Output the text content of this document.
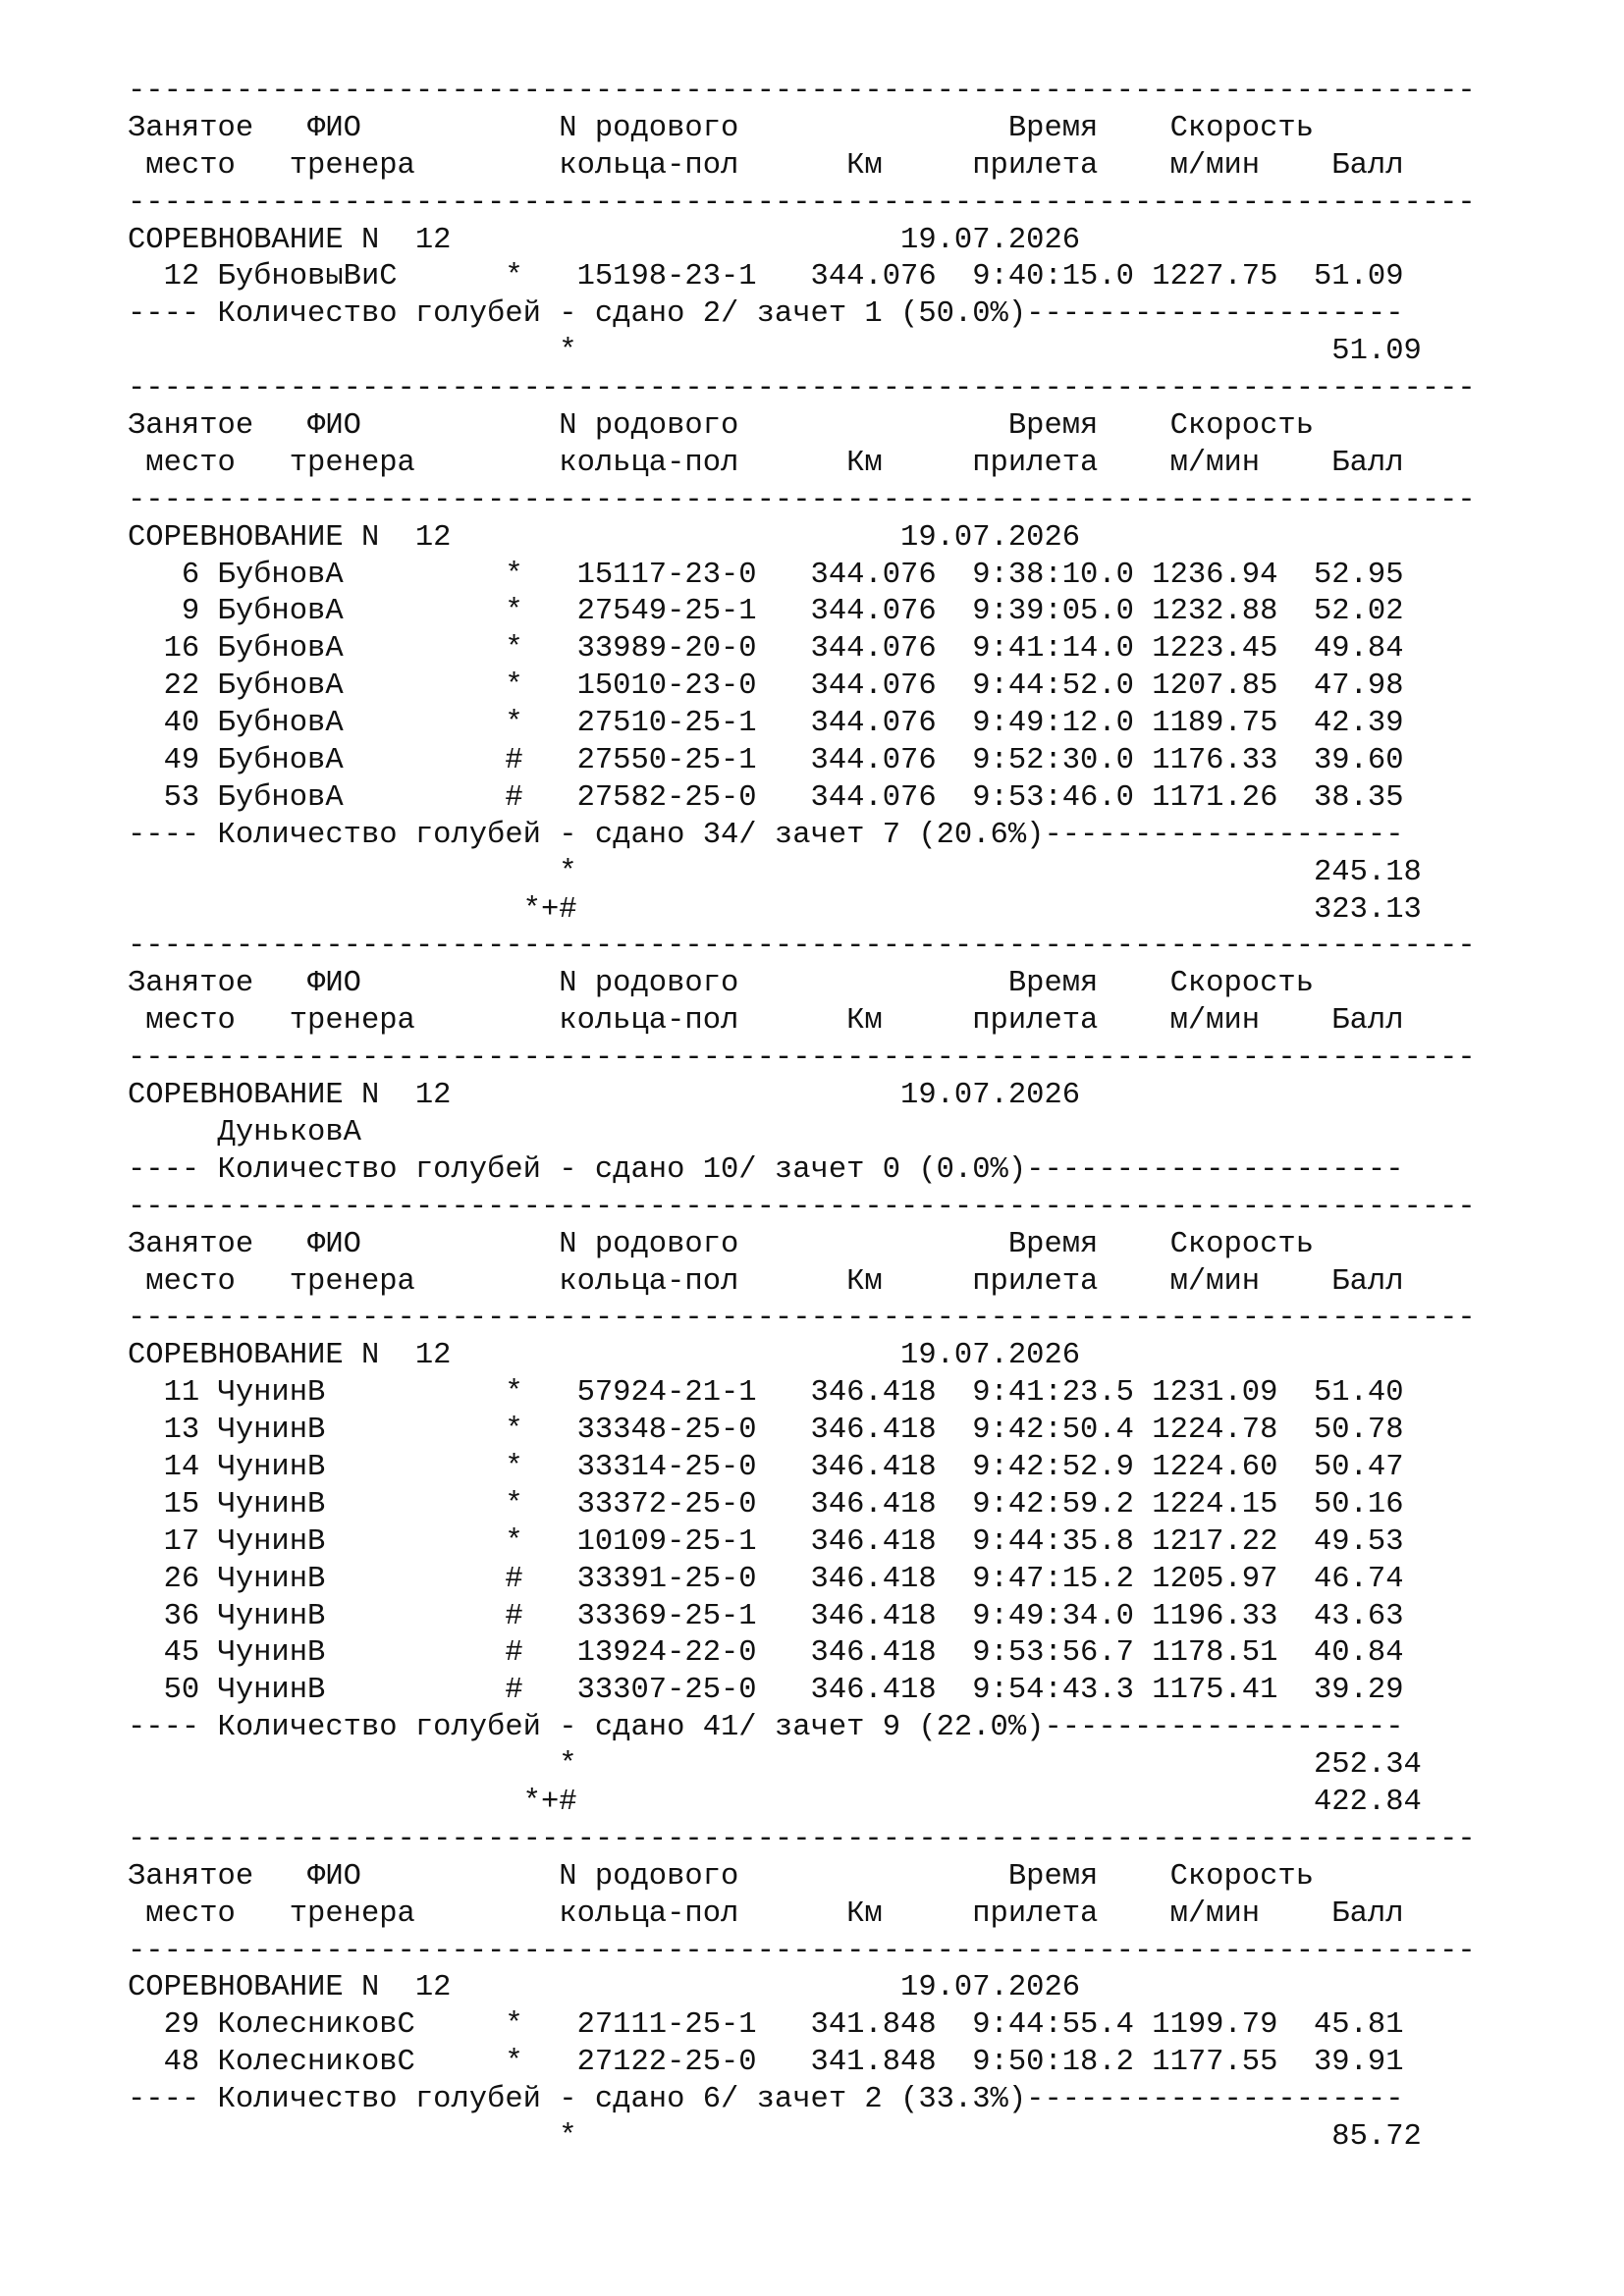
---------------------------------------------------------------------------
Занятое   ФИО           N родового               Время    Скорость
место   тренера        кольца-пол      Км     прилета    м/мин    Балл
---------------------------------------------------------------------------
СОРЕВНОВАНИЕ N  12                         19.07.2026
12 БубновыВиС      *   15198-23-1   344.076  9:40:15.0 1227.75  51.09
---- Количество голубей - сдано 2/ зачет 1 (50.0%)---------------------
*                                          51.09
---------------------------------------------------------------------------
Занятое   ФИО           N родового               Время    Скорость
место   тренера        кольца-пол      Км     прилета    м/мин    Балл
---------------------------------------------------------------------------
СОРЕВНОВАНИЕ N  12                         19.07.2026
6 БубновА         *   15117-23-0   344.076  9:38:10.0 1236.94  52.95
9 БубновА         *   27549-25-1   344.076  9:39:05.0 1232.88  52.02
16 БубновА         *   33989-20-0   344.076  9:41:14.0 1223.45  49.84
22 БубновА         *   15010-23-0   344.076  9:44:52.0 1207.85  47.98
40 БубновА         *   27510-25-1   344.076  9:49:12.0 1189.75  42.39
49 БубновА         #   27550-25-1   344.076  9:52:30.0 1176.33  39.60
53 БубновА         #   27582-25-0   344.076  9:53:46.0 1171.26  38.35
---- Количество голубей - сдано 34/ зачет 7 (20.6%)--------------------
*                                         245.18
*+#                                         323.13
---------------------------------------------------------------------------
Занятое   ФИО           N родового               Время    Скорость
место   тренера        кольца-пол      Км     прилета    м/мин    Балл
---------------------------------------------------------------------------
СОРЕВНОВАНИЕ N  12                         19.07.2026
ДуньковА
---- Количество голубей - сдано 10/ зачет 0 (0.0%)---------------------
---------------------------------------------------------------------------
Занятое   ФИО           N родового               Время    Скорость
место   тренера        кольца-пол      Км     прилета    м/мин    Балл
---------------------------------------------------------------------------
СОРЕВНОВАНИЕ N  12                         19.07.2026
11 ЧунинВ          *   57924-21-1   346.418  9:41:23.5 1231.09  51.40
13 ЧунинВ          *   33348-25-0   346.418  9:42:50.4 1224.78  50.78
14 ЧунинВ          *   33314-25-0   346.418  9:42:52.9 1224.60  50.47
15 ЧунинВ          *   33372-25-0   346.418  9:42:59.2 1224.15  50.16
17 ЧунинВ          *   10109-25-1   346.418  9:44:35.8 1217.22  49.53
26 ЧунинВ          #   33391-25-0   346.418  9:47:15.2 1205.97  46.74
36 ЧунинВ          #   33369-25-1   346.418  9:49:34.0 1196.33  43.63
45 ЧунинВ          #   13924-22-0   346.418  9:53:56.7 1178.51  40.84
50 ЧунинВ          #   33307-25-0   346.418  9:54:43.3 1175.41  39.29
---- Количество голубей - сдано 41/ зачет 9 (22.0%)--------------------
*                                         252.34
*+#                                         422.84
---------------------------------------------------------------------------
Занятое   ФИО           N родового               Время    Скорость
место   тренера        кольца-пол      Км     прилета    м/мин    Балл
---------------------------------------------------------------------------
СОРЕВНОВАНИЕ N  12                         19.07.2026
29 КолесниковС     *   27111-25-1   341.848  9:44:55.4 1199.79  45.81
48 КолесниковС     *   27122-25-0   341.848  9:50:18.2 1177.55  39.91
---- Количество голубей - сдано 6/ зачет 2 (33.3%)---------------------
*                                          85.72
